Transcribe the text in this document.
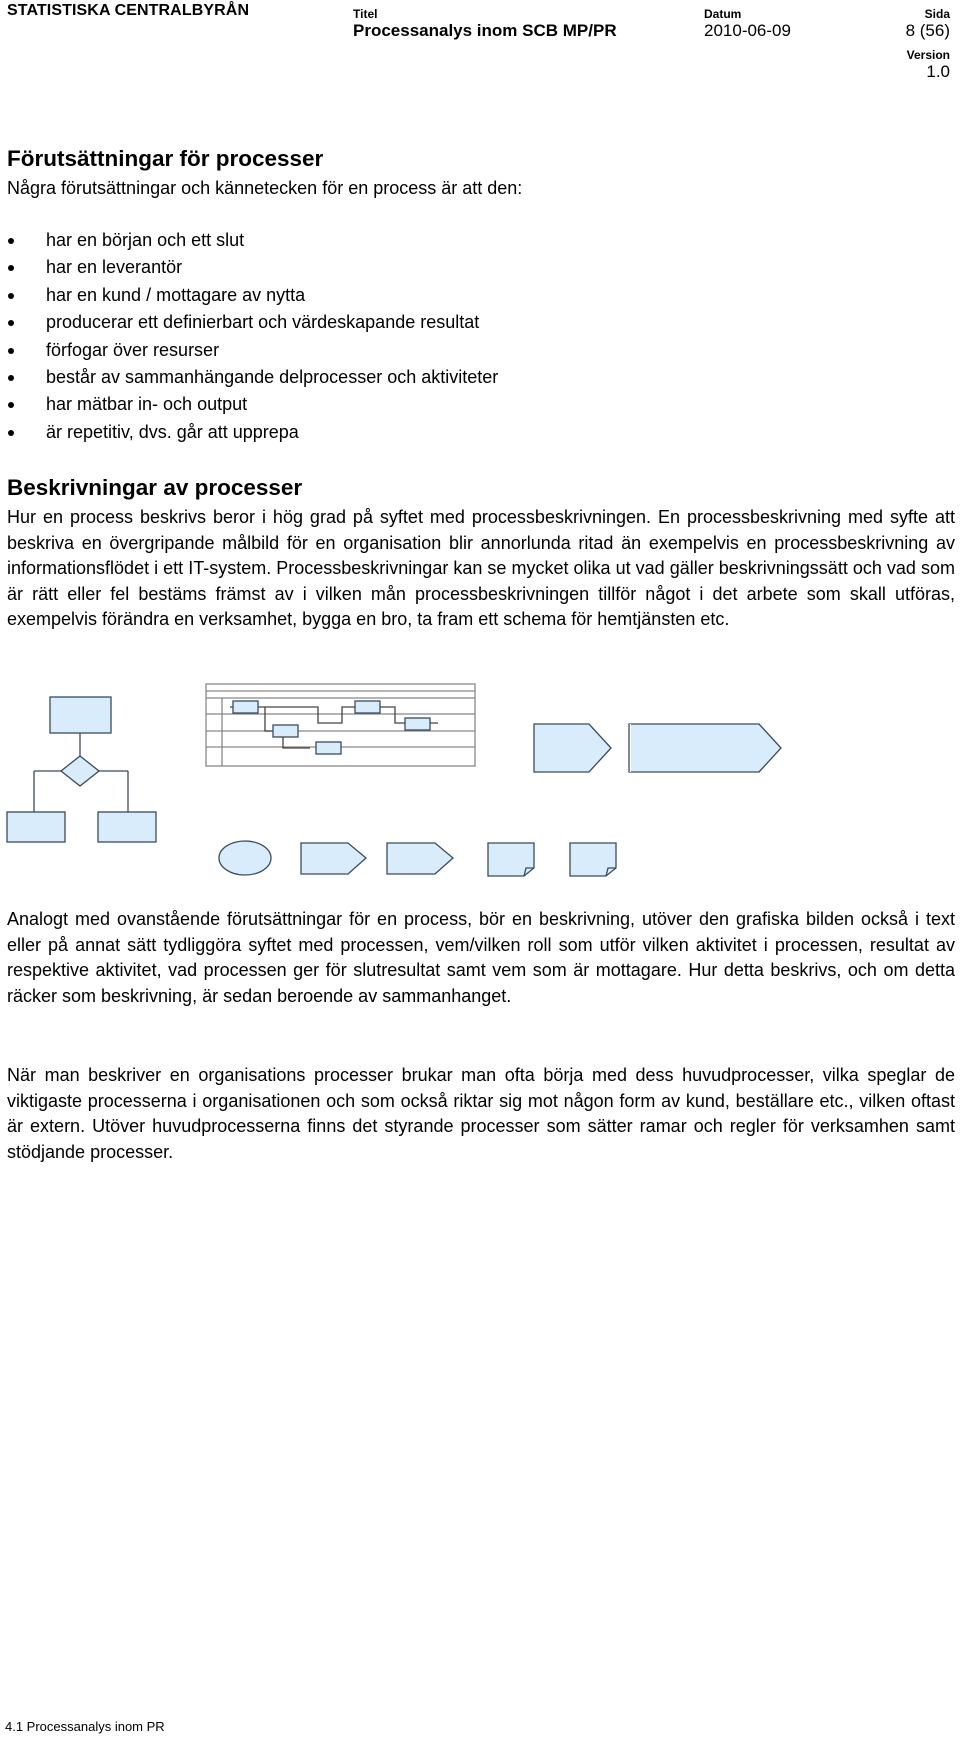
STATISTISKA CENTRALBYRÅN	Titel
Processanalys inom SCB MP/PR
Datum
2010-06-09
Sida
8 (56)
Version
1.0
Förutsättningar för processer
Några förutsättningar och kännetecken för en process är att den:
har en början och ett slut
har en leverantör
har en kund / mottagare av nytta
producerar ett definierbart och värdeskapande resultat
förfogar över resurser
består av sammanhängande delprocesser och aktiviteter
har mätbar in- och output
är repetitiv, dvs. går att upprepa
Beskrivningar av processer
Hur en process beskrivs beror i hög grad på syftet med processbeskrivningen. En processbeskrivning med syfte att beskriva en övergripande målbild för en organisation blir annorlunda ritad än exempelvis en processbeskrivning av informationsflödet i ett IT-system. Processbeskrivningar kan se mycket olika ut vad gäller beskrivningssätt och vad som är rätt eller fel bestäms främst av i vilken mån processbeskrivningen tillför något i det arbete som skall utföras, exempelvis förändra en verksamhet, bygga en bro, ta fram ett schema för hemtjänsten etc.
Analogt med ovanstående förutsättningar för en process, bör en beskrivning, utöver den grafiska bilden också i text eller på annat sätt tydliggöra syftet med processen, vem/vilken roll som utför vilken aktivitet i processen, resultat av respektive aktivitet, vad processen ger för slutresultat samt vem som är mottagare. Hur detta beskrivs, och om detta räcker som beskrivning, är sedan beroende av sammanhanget.
När man beskriver en organisations processer brukar man ofta börja med dess huvudprocesser, vilka speglar de viktigaste processerna i organisationen och som också riktar sig mot någon form av kund, beställare etc., vilken oftast är extern. Utöver huvudprocesserna finns det styrande processer som sätter ramar och regler för verksamhen samt stödjande processer.
4.1 Processanalys inom PR
